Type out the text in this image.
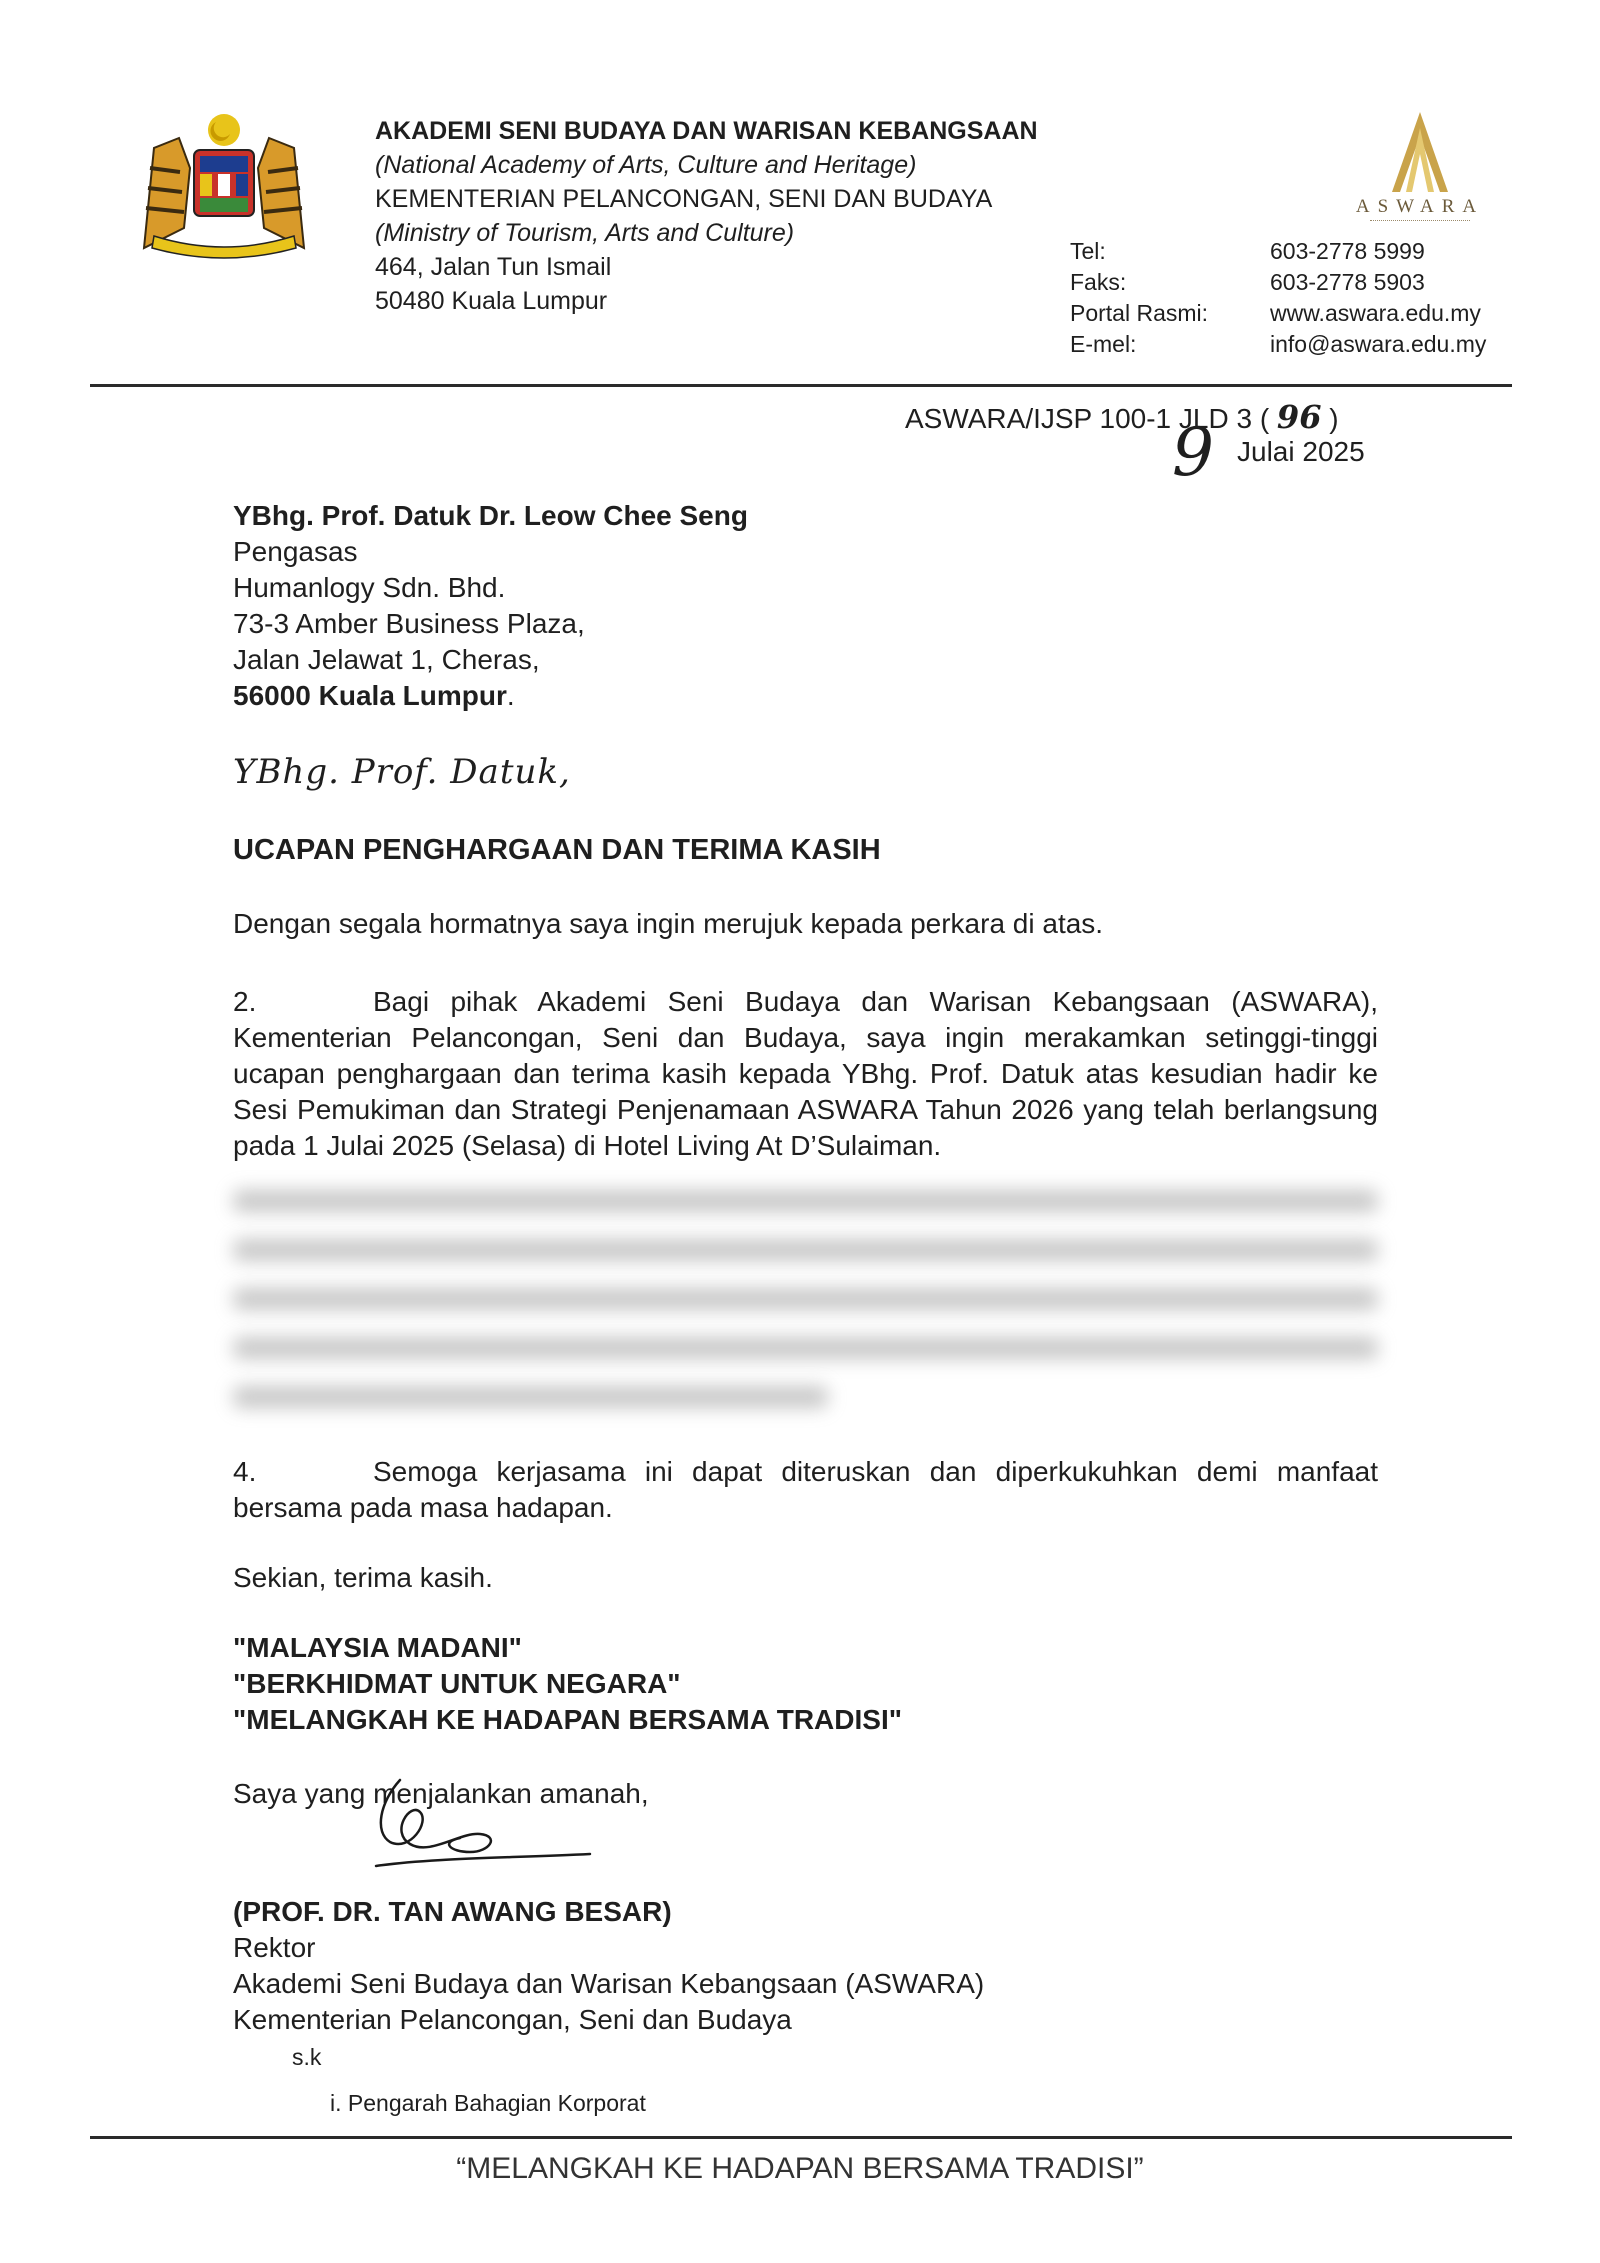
AKADEMI SENI BUDAYA DAN WARISAN KEBANGSAAN
(National Academy of Arts, Culture and Heritage)
KEMENTERIAN PELANCONGAN, SENI DAN BUDAYA
(Ministry of Tourism, Arts and Culture)
464, Jalan Tun Ismail
50480 Kuala Lumpur
ASWARA
Tel:
Faks:
Portal Rasmi:
E-mel:
603-2778 5999
603-2778 5903
www.aswara.edu.my
info@aswara.edu.my
ASWARA/IJSP 100-1 JLD 3 ( 96 )
9 Julai 2025
YBhg. Prof. Datuk Dr. Leow Chee Seng
Pengasas
Humanlogy Sdn. Bhd.
73-3 Amber Business Plaza,
Jalan Jelawat 1, Cheras,
56000 Kuala Lumpur.
YBhg. Prof. Datuk,
UCAPAN PENGHARGAAN DAN TERIMA KASIH
Dengan segala hormatnya saya ingin merujuk kepada perkara di atas.
2.	Bagi pihak Akademi Seni Budaya dan Warisan Kebangsaan (ASWARA), Kementerian Pelancongan, Seni dan Budaya, saya ingin merakamkan setinggi-tinggi ucapan penghargaan dan terima kasih kepada YBhg. Prof. Datuk atas kesudian hadir ke Sesi Pemukiman dan Strategi Penjenamaan ASWARA Tahun 2026 yang telah berlangsung pada 1 Julai 2025 (Selasa) di Hotel Living At D’Sulaiman.
4.	Semoga kerjasama ini dapat diteruskan dan diperkukuhkan demi manfaat bersama pada masa hadapan.
Sekian, terima kasih.
"MALAYSIA MADANI"
"BERKHIDMAT UNTUK NEGARA"
"MELANGKAH KE HADAPAN BERSAMA TRADISI"
Saya yang menjalankan amanah,
(PROF. DR. TAN AWANG BESAR)
Rektor
Akademi Seni Budaya dan Warisan Kebangsaan (ASWARA)
Kementerian Pelancongan, Seni dan Budaya
s.k
i. Pengarah Bahagian Korporat
“MELANGKAH KE HADAPAN BERSAMA TRADISI”
